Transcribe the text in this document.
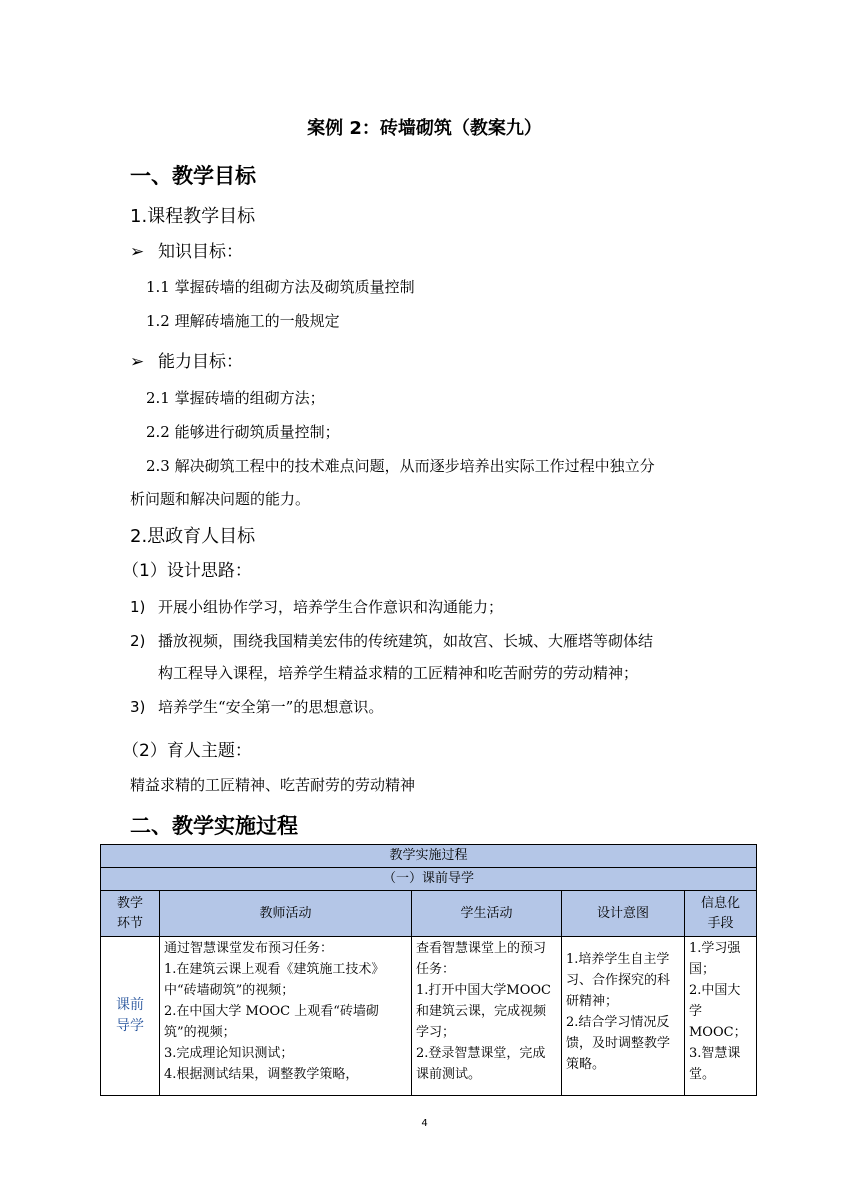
案例 2：砖墙砌筑（教案九）
一、教学目标
1.课程教学目标
➢ 知识目标：
1.1 掌握砖墙的组砌方法及砌筑质量控制
1.2 理解砖墙施工的一般规定
➢ 能力目标：
2.1 掌握砖墙的组砌方法；
2.2 能够进行砌筑质量控制；
2.3 解决砌筑工程中的技术难点问题，从而逐步培养出实际工作过程中独立分
析问题和解决问题的能力。
2.思政育人目标
（1）设计思路：
1) 开展小组协作学习，培养学生合作意识和沟通能力；
2) 播放视频，围绕我国精美宏伟的传统建筑，如故宫、长城、大雁塔等砌体结
构工程导入课程，培养学生精益求精的工匠精神和吃苦耐劳的劳动精神；
3) 培养学生“安全第一”的思想意识。
（2）育人主题：
精益求精的工匠精神、吃苦耐劳的劳动精神
二、教学实施过程
教学实施过程
（一）课前导学
教学
环节
教师活动	学生活动	设计意图
信息化
手段
课前
导学
通过智慧课堂发布预习任务：
1.在建筑云课上观看《建筑施工技术》中“砖墙砌筑”的视频；
2.在中国大学 MOOC 上观看“砖墙砌筑”的视频；
3.完成理论知识测试；
4.根据测试结果，调整教学策略，
查看智慧课堂上的预习任务：
1.打开中国大学MOOC 和建筑云课，完成视频学习；
2.登录智慧课堂，完成课前测试。
1.培养学生自主学习、合作探究的科研精神；
2.结合学习情况反馈，及时调整教学策略。
1.学习强国；
2.中国大学MOOC；
3.智慧课堂。
4
